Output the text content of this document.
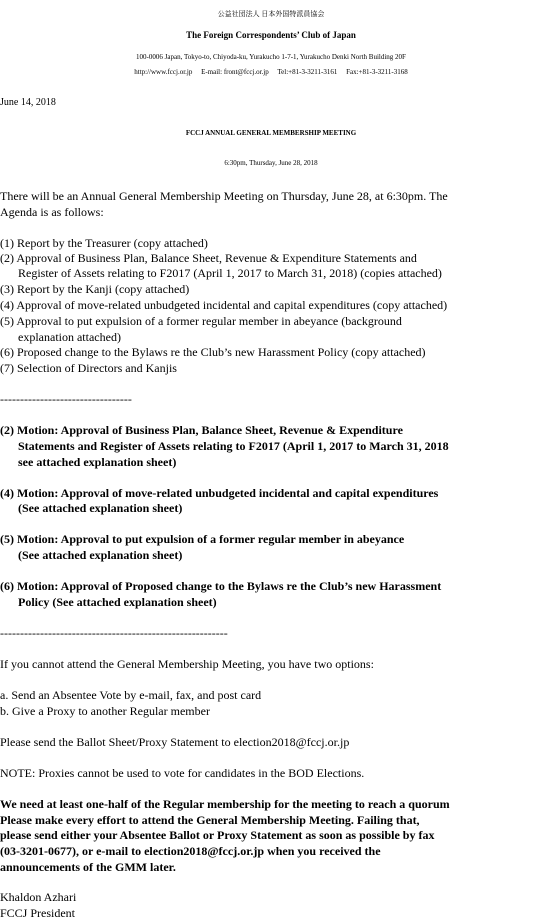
公益社団法人 日本外国特派員協会
The Foreign Correspondents’ Club of Japan
100-0006 Japan, Tokyo-to, Chiyoda-ku, Yurakucho 1-7-1, Yurakucho Denki North Building 20F
http://www.fccj.or.jp     E-mail: front@fccj.or.jp     Tel:+81-3-3211-3161     Fax:+81-3-3211-3168
June 14, 2018
FCCJ ANNUAL GENERAL MEMBERSHIP MEETING
6:30pm, Thursday, June 28, 2018
There will be an Annual General Membership Meeting on Thursday, June 28, at 6:30pm. The
Agenda is as follows:
(1) Report by the Treasurer (copy attached)
(2) Approval of Business Plan, Balance Sheet, Revenue & Expenditure Statements and
Register of Assets relating to F2017 (April 1, 2017 to March 31, 2018) (copies attached)
(3) Report by the Kanji (copy attached)
(4) Approval of move-related unbudgeted incidental and capital expenditures (copy attached)
(5) Approval to put expulsion of a former regular member in abeyance (background
explanation attached)
(6) Proposed change to the Bylaws re the Club’s new Harassment Policy (copy attached)
(7) Selection of Directors and Kanjis
---------------------------------
(2) Motion: Approval of Business Plan, Balance Sheet, Revenue & Expenditure
Statements and Register of Assets relating to F2017 (April 1, 2017 to March 31, 2018
see attached explanation sheet)
(4) Motion: Approval of move-related unbudgeted incidental and capital expenditures
(See attached explanation sheet)
(5) Motion: Approval to put expulsion of a former regular member in abeyance
(See attached explanation sheet)
(6) Motion: Approval of Proposed change to the Bylaws re the Club’s new Harassment
Policy (See attached explanation sheet)
---------------------------------------------------------
If you cannot attend the General Membership Meeting, you have two options:
a. Send an Absentee Vote by e-mail, fax, and post card
b. Give a Proxy to another Regular member
Please send the Ballot Sheet/Proxy Statement to election2018@fccj.or.jp
NOTE: Proxies cannot be used to vote for candidates in the BOD Elections.
We need at least one-half of the Regular membership for the meeting to reach a quorum
Please make every effort to attend the General Membership Meeting. Failing that,
please send either your Absentee Ballot or Proxy Statement as soon as possible by fax
(03-3201-0677), or e-mail to election2018@fccj.or.jp when you received the
announcements of the GMM later.
Khaldon Azhari
FCCJ President
